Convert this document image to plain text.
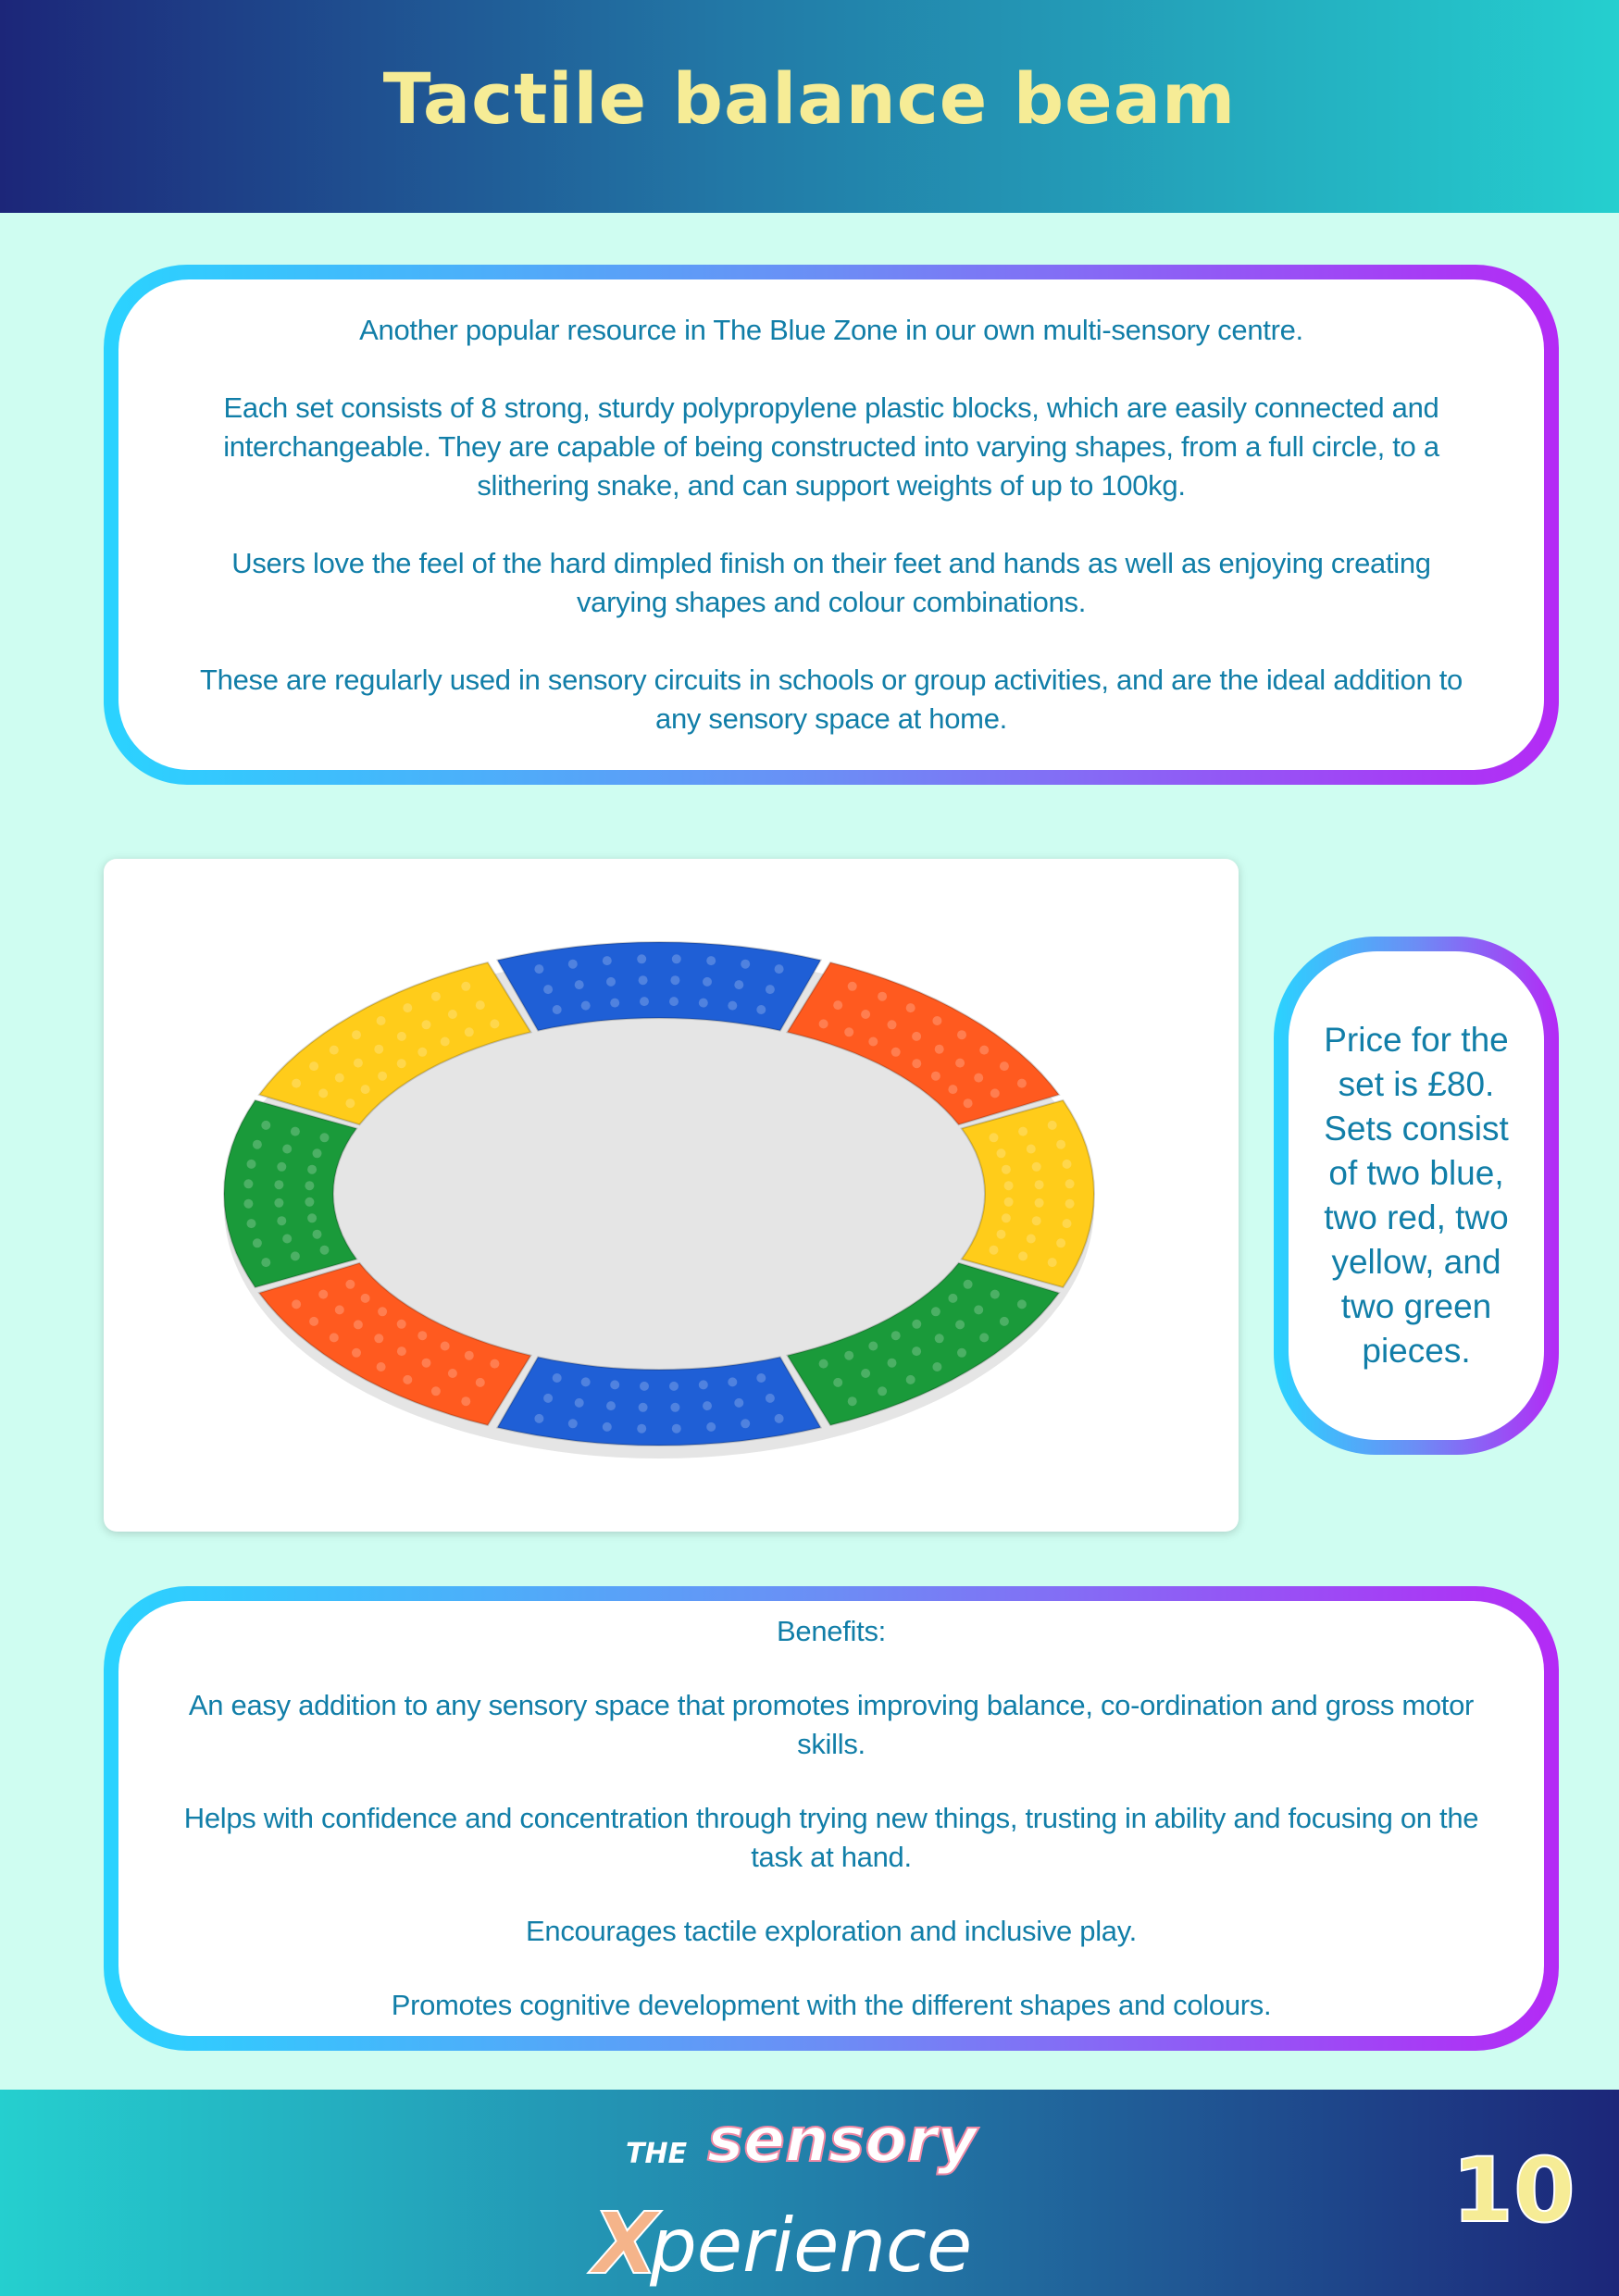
Tactile balance beam

Another popular resource in The Blue Zone in our own multi-sensory centre.

Each set consists of 8 strong, sturdy polypropylene plastic blocks, which are easily connected and interchangeable. They are capable of being constructed into varying shapes, from a full circle, to a slithering snake, and can support weights of up to 100kg.

Users love the feel of the hard dimpled finish on their feet and hands as well as enjoying creating varying shapes and colour combinations.

These are regularly used in sensory circuits in schools or group activities, and are the ideal addition to any sensory space at home.

Price for the set is £80. Sets consist of two blue, two red, two yellow, and two green pieces.

Benefits:

An easy addition to any sensory space that promotes improving balance, co-ordination and gross motor skills.

Helps with confidence and concentration through trying new things, trusting in ability and focusing on the task at hand.

Encourages tactile exploration and inclusive play.

Promotes cognitive development with the different shapes and colours.

THE sensory
X
perience
10
